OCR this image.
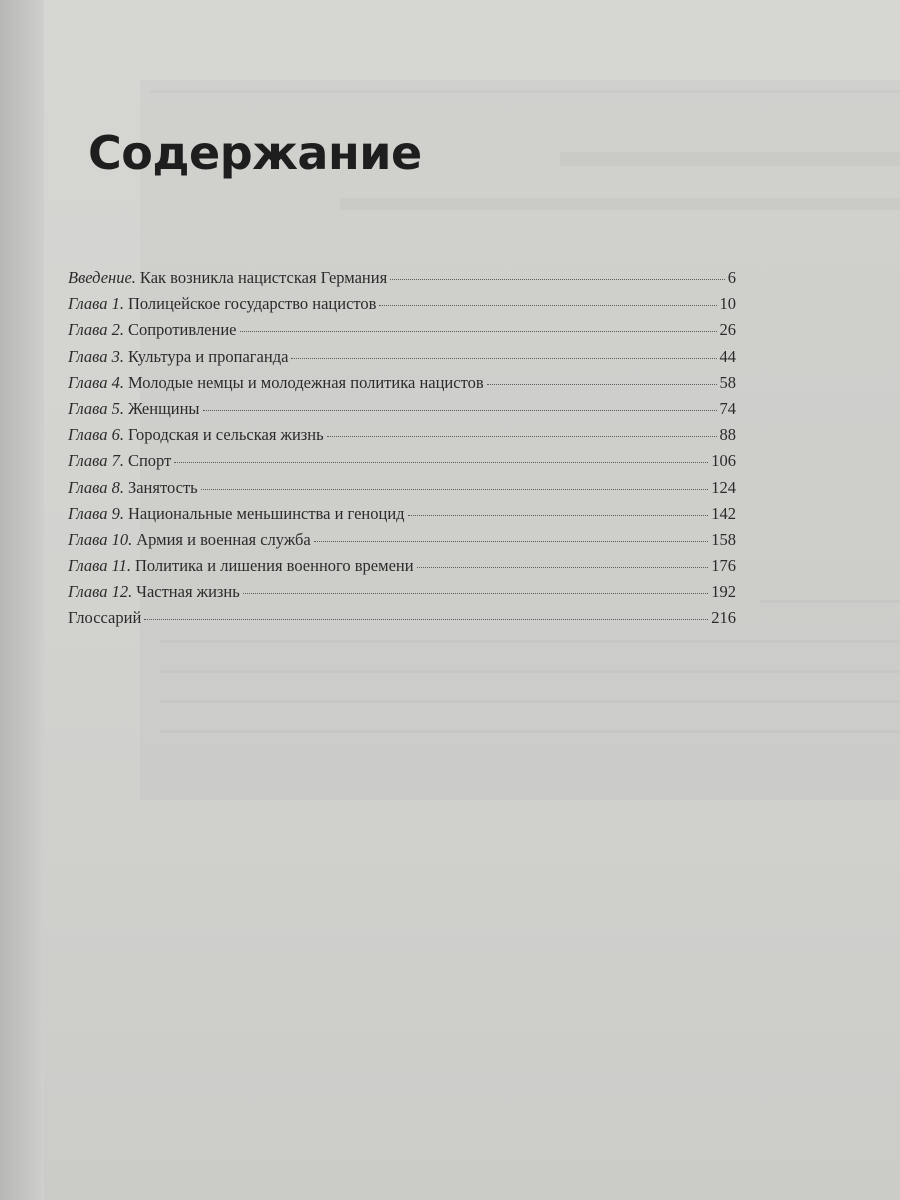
Содержание
Введение. Как возникла нацистская Германия	6
Глава 1. Полицейское государство нацистов	10
Глава 2. Сопротивление	26
Глава 3. Культура и пропаганда	44
Глава 4. Молодые немцы и молодежная политика нацистов	58
Глава 5. Женщины	74
Глава 6. Городская и сельская жизнь	88
Глава 7. Спорт	106
Глава 8. Занятость	124
Глава 9. Национальные меньшинства и геноцид	142
Глава 10. Армия и военная служба	158
Глава 11. Политика и лишения военного времени	176
Глава 12. Частная жизнь	192
Глоссарий	216
